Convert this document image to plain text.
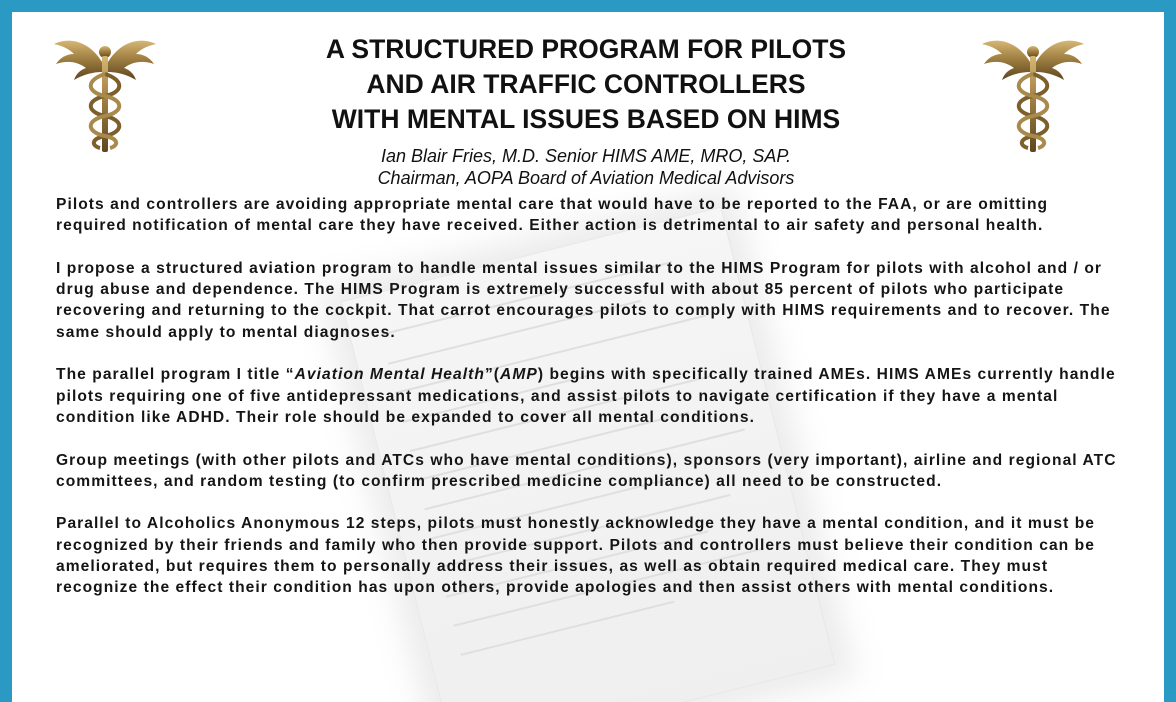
A STRUCTURED PROGRAM FOR PILOTS
AND AIR TRAFFIC CONTROLLERS
WITH MENTAL ISSUES BASED ON HIMS
Ian Blair Fries, M.D. Senior HIMS AME, MRO, SAP.
Chairman, AOPA Board of Aviation Medical Advisors

Pilots and controllers are avoiding appropriate mental care that would have to be reported to the FAA, or are omitting required notification of mental care they have received. Either action is detrimental to air safety and personal health.

I propose a structured aviation program to handle mental issues similar to the HIMS Program for pilots with alcohol and / or drug abuse and dependence. The HIMS Program is extremely successful with about 85 percent of pilots who participate recovering and returning to the cockpit. That carrot encourages pilots to comply with HIMS requirements and to recover. The same should apply to mental diagnoses.

The parallel program I title “Aviation Mental Health”(AMP) begins with specifically trained AMEs. HIMS AMEs currently handle pilots requiring one of five antidepressant medications, and assist pilots to navigate certification if they have a mental condition like ADHD. Their role should be expanded to cover all mental conditions.

Group meetings (with other pilots and ATCs who have mental conditions), sponsors (very important), airline and regional ATC committees, and random testing (to confirm prescribed medicine compliance) all need to be constructed.

Parallel to Alcoholics Anonymous 12 steps, pilots must honestly acknowledge they have a mental condition, and it must be recognized by their friends and family who then provide support. Pilots and controllers must believe their condition can be ameliorated, but requires them to personally address their issues, as well as obtain required medical care. They must recognize the effect their condition has upon others, provide apologies and then assist others with mental conditions.
